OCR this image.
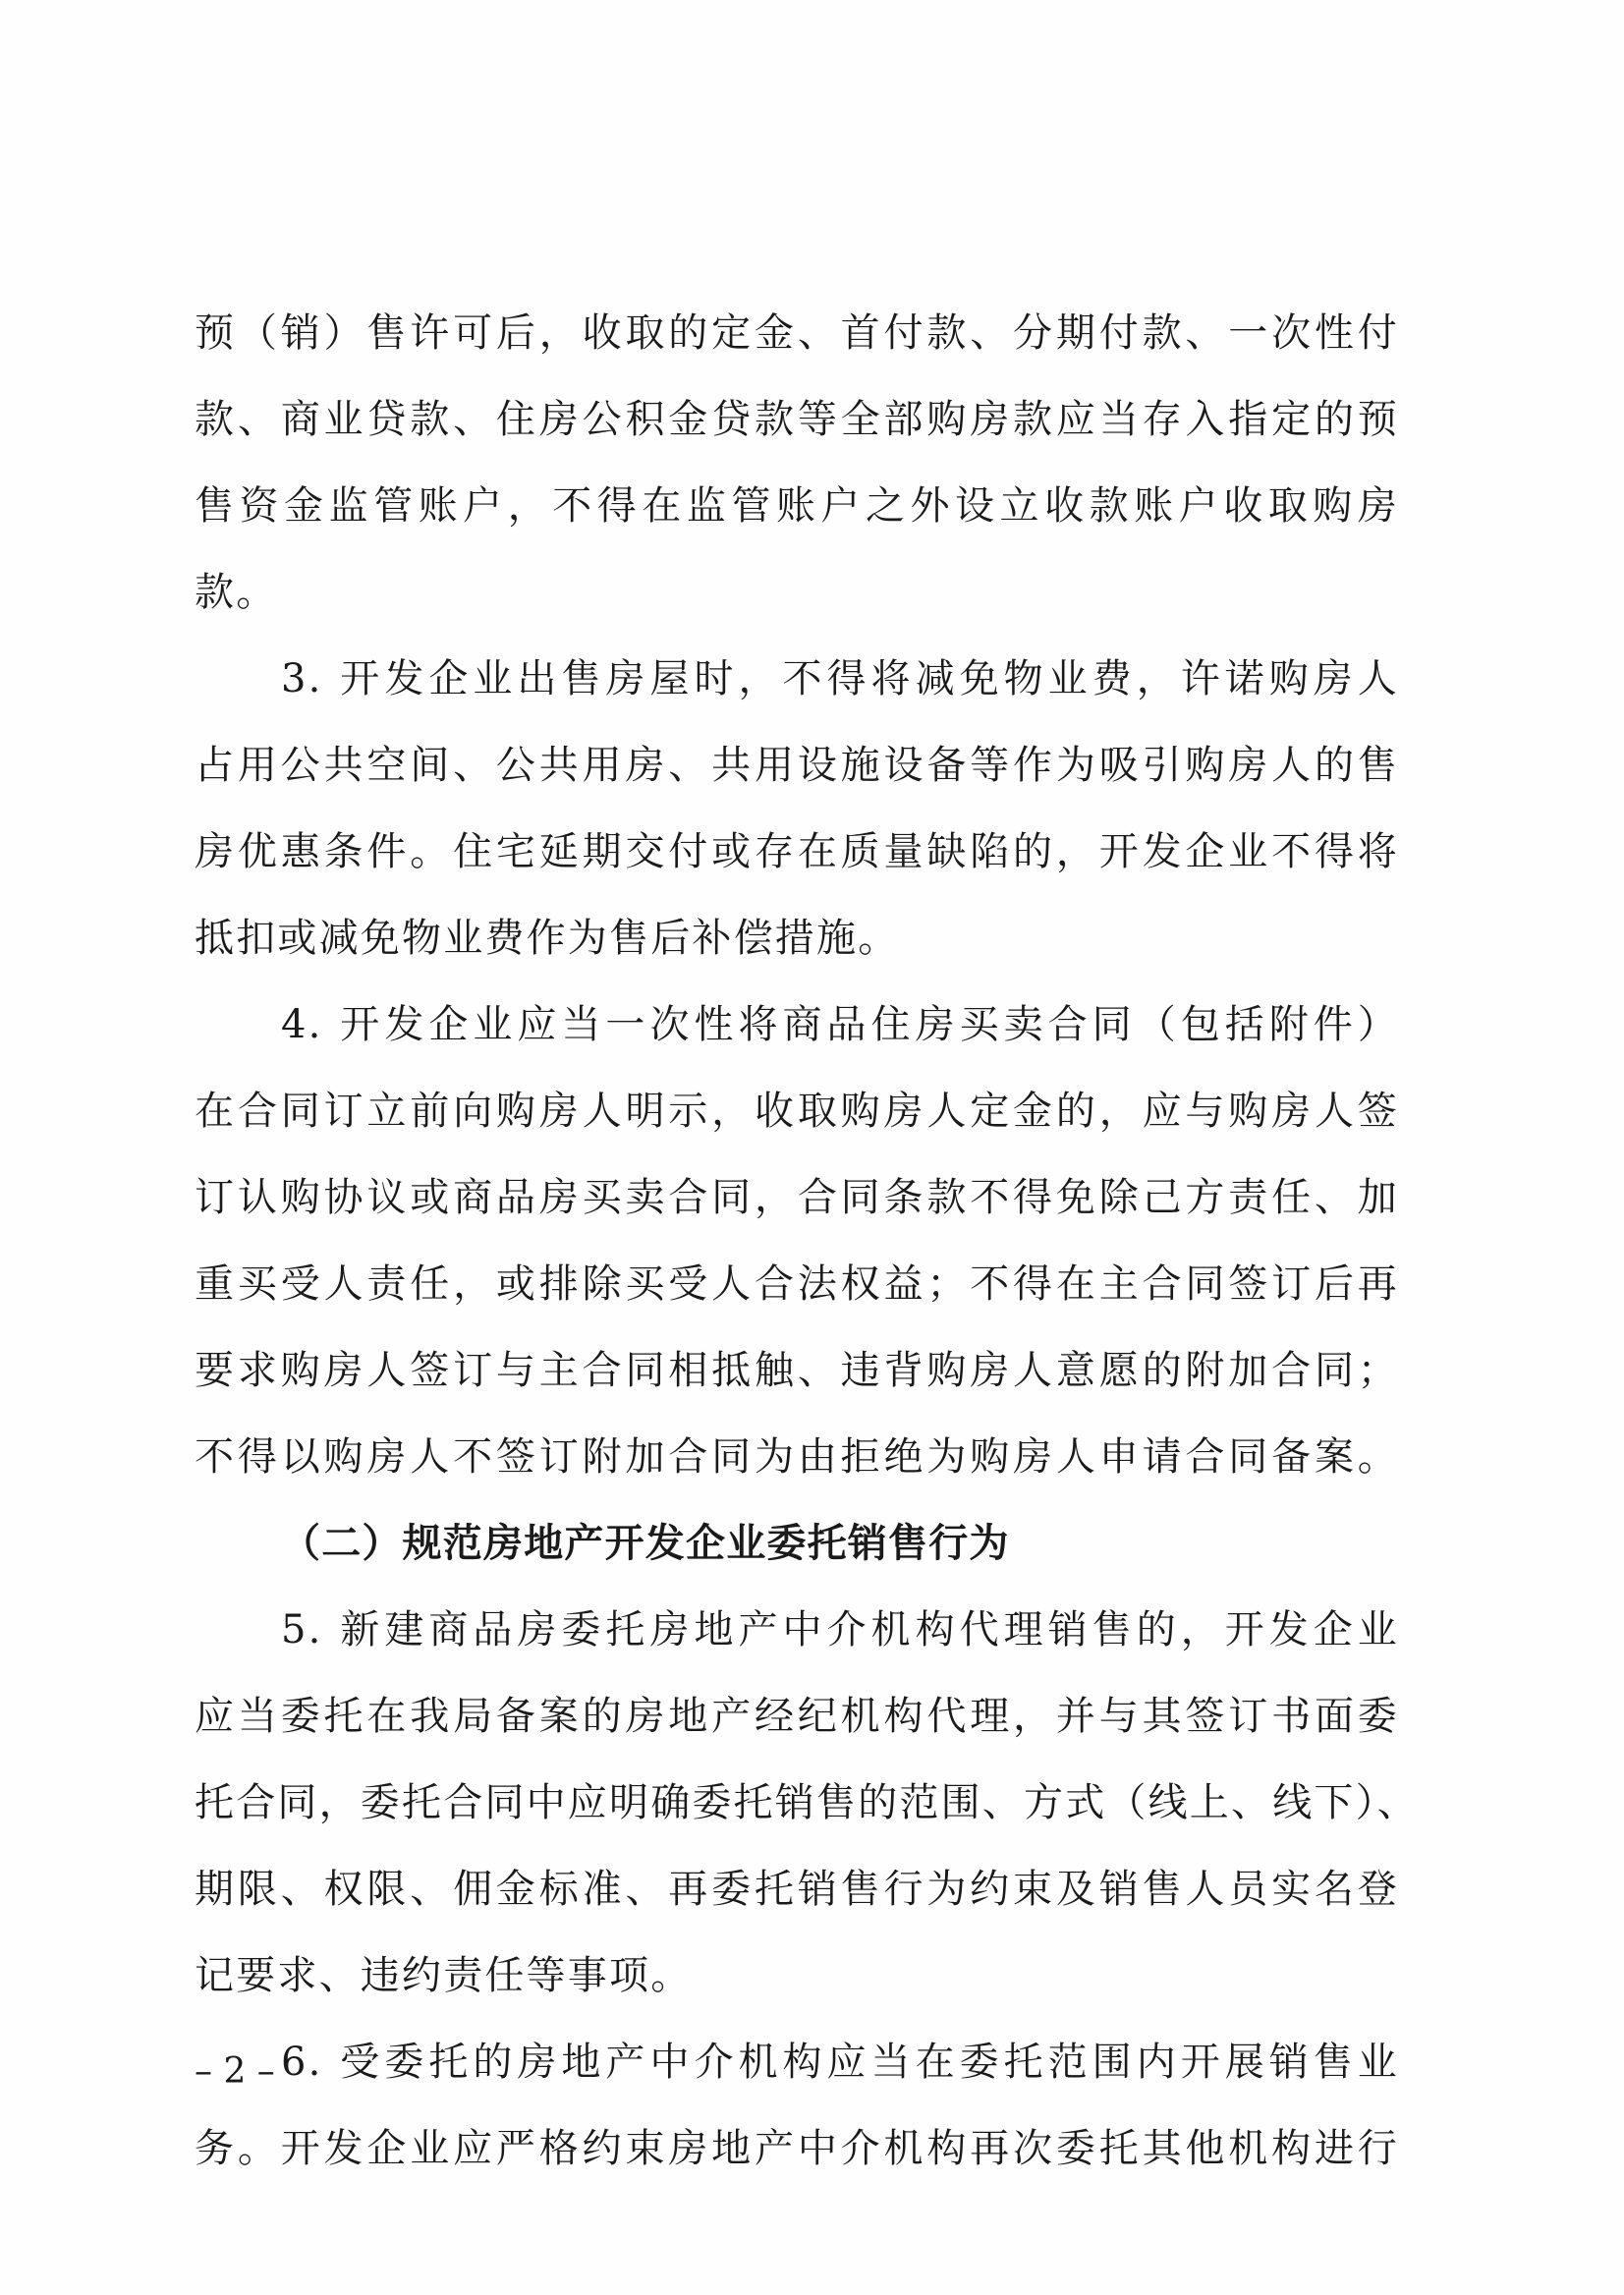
预（销）售许可后，收取的定金、首付款、分期付款、一次性付
款、商业贷款、住房公积金贷款等全部购房款应当存入指定的预
售资金监管账户，不得在监管账户之外设立收款账户收取购房
款。
3. 开发企业出售房屋时，不得将减免物业费，许诺购房人
占用公共空间、公共用房、共用设施设备等作为吸引购房人的售
房优惠条件。住宅延期交付或存在质量缺陷的，开发企业不得将
抵扣或减免物业费作为售后补偿措施。
4. 开发企业应当一次性将商品住房买卖合同（包括附件）
在合同订立前向购房人明示，收取购房人定金的，应与购房人签
订认购协议或商品房买卖合同，合同条款不得免除己方责任、加
重买受人责任，或排除买受人合法权益；不得在主合同签订后再
要求购房人签订与主合同相抵触、违背购房人意愿的附加合同；
不得以购房人不签订附加合同为由拒绝为购房人申请合同备案。
（二）规范房地产开发企业委托销售行为
5. 新建商品房委托房地产中介机构代理销售的，开发企业
应当委托在我局备案的房地产经纪机构代理，并与其签订书面委
托合同，委托合同中应明确委托销售的范围、方式（线上、线下）、
期限、权限、佣金标准、再委托销售行为约束及销售人员实名登
记要求、违约责任等事项。
6. 受委托的房地产中介机构应当在委托范围内开展销售业
务。开发企业应严格约束房地产中介机构再次委托其他机构进行
– 2 –
